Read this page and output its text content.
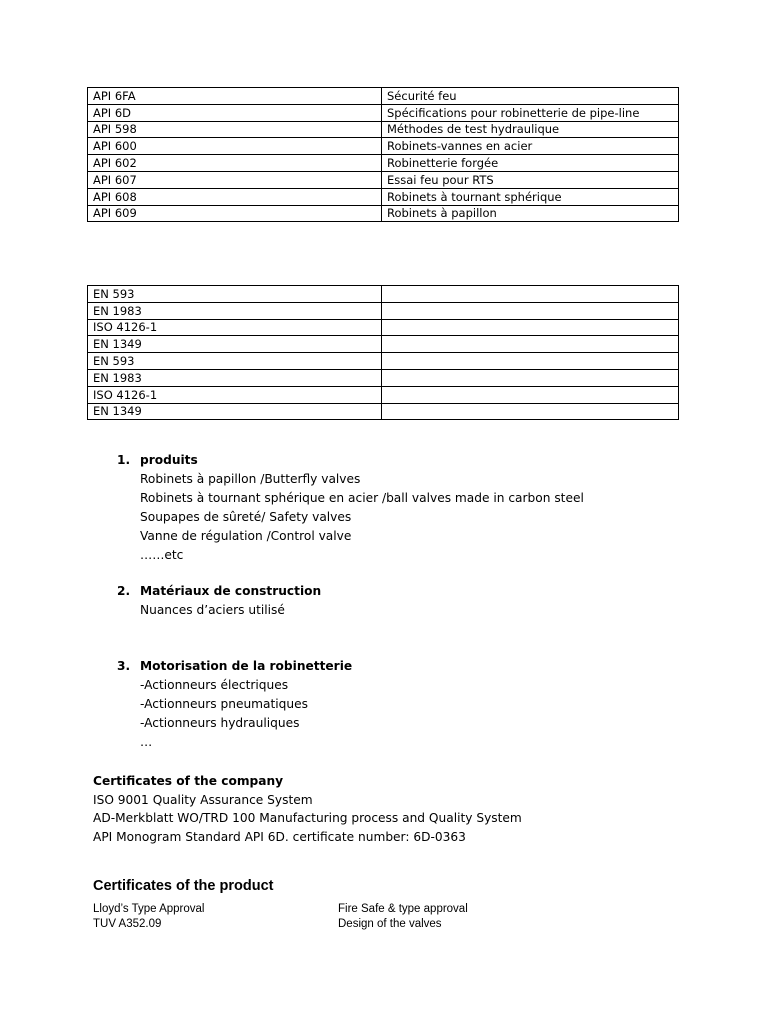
API 6FA	Sécurité feu
API 6D	Spécifications pour robinetterie de pipe-line
API 598	Méthodes de test hydraulique
API 600	Robinets-vannes en acier
API 602	Robinetterie forgée
API 607	Essai feu pour RTS
API 608	Robinets à tournant sphérique
API 609	Robinets à papillon
EN 593	
EN 1983	
ISO 4126-1	
EN 1349	
EN 593	
EN 1983	
ISO 4126-1	
EN 1349	
1. produits
Robinets à papillon /Butterfly valves
Robinets à tournant sphérique en acier /ball valves made in carbon steel
Soupapes de sûreté/ Safety valves
Vanne de régulation /Control valve
……etc
2. Matériaux de construction
Nuances d’aciers utilisé
3. Motorisation de la robinetterie
-Actionneurs électriques
-Actionneurs pneumatiques
-Actionneurs hydrauliques
…
Certificates of the company
ISO 9001 Quality Assurance System
AD-Merkblatt WO/TRD 100 Manufacturing process and Quality System
API Monogram Standard API 6D. certificate number: 6D-0363
Certificates of the product
Lloyd’s Type Approval	Fire Safe & type approval
TUV A352.09	Design of the valves
